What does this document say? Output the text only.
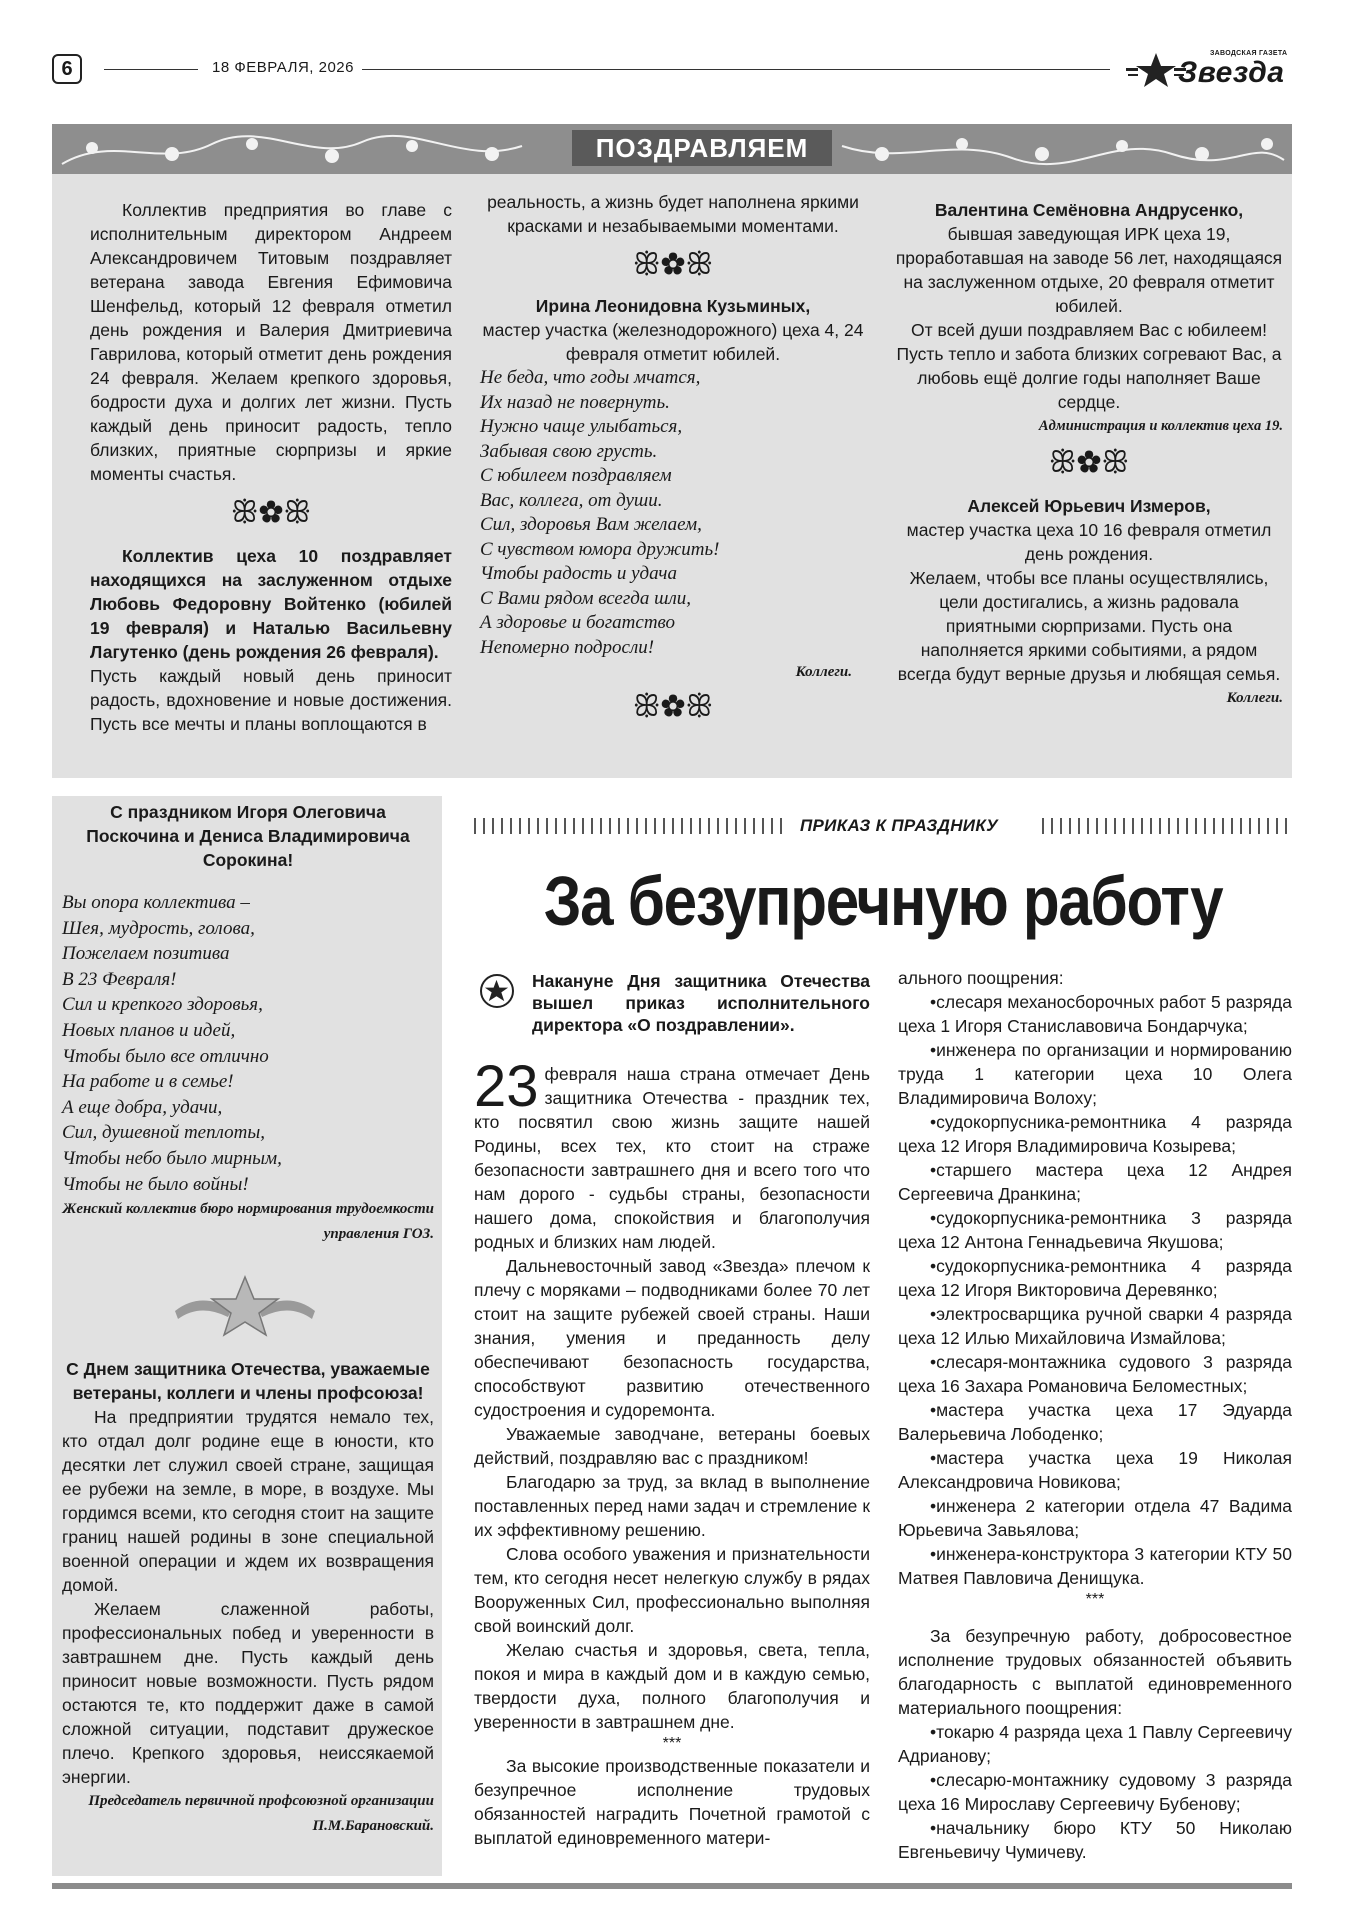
6	18 ФЕВРАЛЯ, 2026
ЗАВОДСКАЯ ГАЗЕТА
Звезда
ПОЗДРАВЛЯЕМ

Коллектив предприятия во главе с исполнительным директором Андреем Александровичем Титовым поздравляет ветерана завода Евгения Ефимовича Шенфельд, который 12 февраля отметил день рождения и Валерия Дмитриевича Гаврилова, который отметит день рождения 24 февраля. Желаем крепкого здоровья, бодрости духа и долгих лет жизни. Пусть каждый день приносит радость, тепло близких, приятные сюрпризы и яркие моменты счастья.

ꕥ✿ꕥ

Коллектив цеха 10 поздравляет находящихся на заслуженном отдыхе Любовь Федоровну Войтенко (юбилей 19 февраля) и Наталью Васильевну Лагутенко (день рождения 26 февраля).

Пусть каждый новый день приносит радость, вдохновение и новые достижения. Пусть все мечты и планы воплощаются в

реальность, а жизнь будет наполнена яркими красками и незабываемыми моментами.

ꕥ✿ꕥ

Ирина Леонидовна Кузьминых,

мастер участка (железнодорожного) цеха 4, 24 февраля отметит юбилей.

Не беда, что годы мчатся,
Их назад не повернуть.
Нужно чаще улыбаться,
Забывая свою грусть.
С юбилеем поздравляем
Вас, коллега, от души.
Сил, здоровья Вам желаем,
С чувством юмора дружить!
Чтобы радость и удача
С Вами рядом всегда шли,
А здоровье и богатство
Непомерно подросли!

Коллеги.

ꕥ✿ꕥ

Валентина Семёновна Андрусенко,

бывшая заведующая ИРК цеха 19, проработавшая на заводе 56 лет, находящаяся на заслуженном отдыхе, 20 февраля отметит юбилей.

От всей души поздравляем Вас с юбилеем! Пусть тепло и забота близких согревают Вас, а любовь ещё долгие годы наполняет Ваше сердце.

Администрация и коллектив цеха 19.

ꕥ✿ꕥ

Алексей Юрьевич Измеров,

мастер участка цеха 10 16 февраля отметил день рождения.

Желаем, чтобы все планы осуществлялись, цели достигались, а жизнь радовала приятными сюрпризами. Пусть она наполняется яркими событиями, а рядом всегда будут верные друзья и любящая семья.

Коллеги.

С праздником Игоря Олеговича Поскочина и Дениса Владимировича Сорокина!

Вы опора коллектива –
Шея, мудрость, голова,
Пожелаем позитива
В 23 Февраля!
Сил и крепкого здоровья,
Новых планов и идей,
Чтобы было все отлично
На работе и в семье!
А еще добра, удачи,
Сил, душевной теплоты,
Чтобы небо было мирным,
Чтобы не было войны!

Женский коллектив бюро нормирования трудоемкости управления ГОЗ.

С Днем защитника Отечества, уважаемые ветераны, коллеги и члены профсоюза!

На предприятии трудятся немало тех, кто отдал долг родине еще в юности, кто десятки лет служил своей стране, защищая ее рубежи на земле, в море, в воздухе. Мы гордимся всеми, кто сегодня стоит на защите границ нашей родины в зоне специальной военной операции и ждем их возвращения домой.

Желаем слаженной работы, профессиональных побед и уверенности в завтрашнем дне. Пусть каждый день приносит новые возможности. Пусть рядом остаются те, кто поддержит даже в самой сложной ситуации, подставит дружеское плечо. Крепкого здоровья, неиссякаемой энергии.

Председатель первичной профсоюзной организации П.М.Барановский.

ПРИКАЗ К ПРАЗДНИКУ
За безупречную работу

Накануне Дня защитника Отечества вышел приказ исполнительного директора «О поздравлении».

23 февраля наша страна отмечает День защитника Отечества - праздник тех, кто посвятил свою жизнь защите нашей Родины, всех тех, кто стоит на страже безопасности завтрашнего дня и всего того что нам дорого - судьбы страны, безопасности нашего дома, спокойствия и благополучия родных и близких нам людей.

Дальневосточный завод «Звезда» плечом к плечу с моряками – подводниками более 70 лет стоит на защите рубежей своей страны. Наши знания, умения и преданность делу обеспечивают безопасность государства, способствуют развитию отечественного судостроения и судоремонта.

Уважаемые заводчане, ветераны боевых действий, поздравляю вас с праздником!

Благодарю за труд, за вклад в выполнение поставленных перед нами задач и стремление к их эффективному решению.

Слова особого уважения и признательности тем, кто сегодня несет нелегкую службу в рядах Вооруженных Сил, профессионально выполняя свой воинский долг.

Желаю счастья и здоровья, света, тепла, покоя и мира в каждый дом и в каждую семью, твердости духа, полного благополучия и уверенности в завтрашнем дне.

***

За высокие производственные показатели и безупречное исполнение трудовых обязанностей наградить Почетной грамотой с выплатой единовременного матери-

ального поощрения:

•слесаря механосборочных работ 5 разряда цеха 1 Игоря Станиславовича Бондарчука;
•инженера по организации и нормированию труда 1 категории цеха 10 Олега Владимировича Волоху;
•судокорпусника-ремонтника 4 разряда цеха 12 Игоря Владимировича Козырева;
•старшего мастера цеха 12 Андрея Сергеевича Дранкина;
•судокорпусника-ремонтника 3 разряда цеха 12 Антона Геннадьевича Якушова;
•судокорпусника-ремонтника 4 разряда цеха 12 Игоря Викторовича Деревянко;
•электросварщика ручной сварки 4 разряда цеха 12 Илью Михайловича Измайлова;
•слесаря-монтажника судового 3 разряда цеха 16 Захара Романовича Беломестных;
•мастера участка цеха 17 Эдуарда Валерьевича Лободенко;
•мастера участка цеха 19 Николая Александровича Новикова;
•инженера 2 категории отдела 47 Вадима Юрьевича Завьялова;
•инженера-конструктора 3 категории КТУ 50 Матвея Павловича Денищука.

***

За безупречную работу, добросовестное исполнение трудовых обязанностей объявить благодарность с выплатой единовременного материального поощрения:

•токарю 4 разряда цеха 1 Павлу Сергеевичу Адрианову;
•слесарю-монтажнику судовому 3 разряда цеха 16 Мирославу Сергеевичу Бубенову;
•начальнику бюро КТУ 50 Николаю Евгеньевичу Чумичеву.
